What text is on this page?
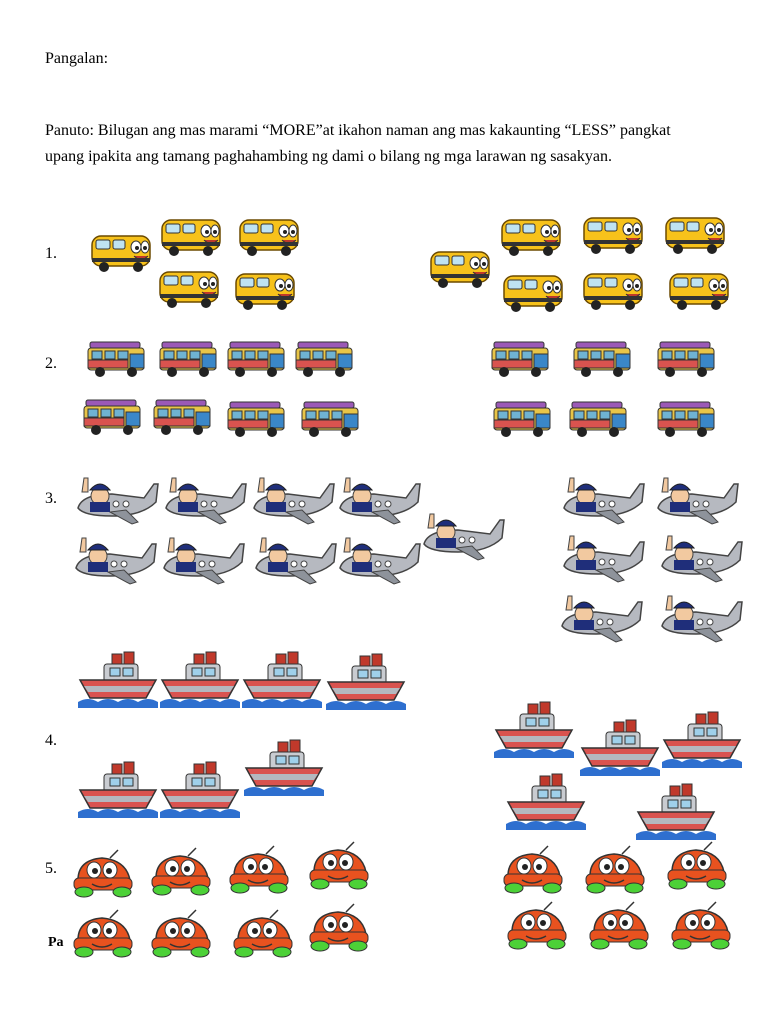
Pangalan:
Panuto: Bilugan ang mas marami “MORE”at ikahon naman ang mas kakaunting “LESS” pangkat upang ipakita ang tamang paghahambing ng dami o bilang ng mga larawan ng sasakyan.
1.
2.
3.
4.
5.
Pa
